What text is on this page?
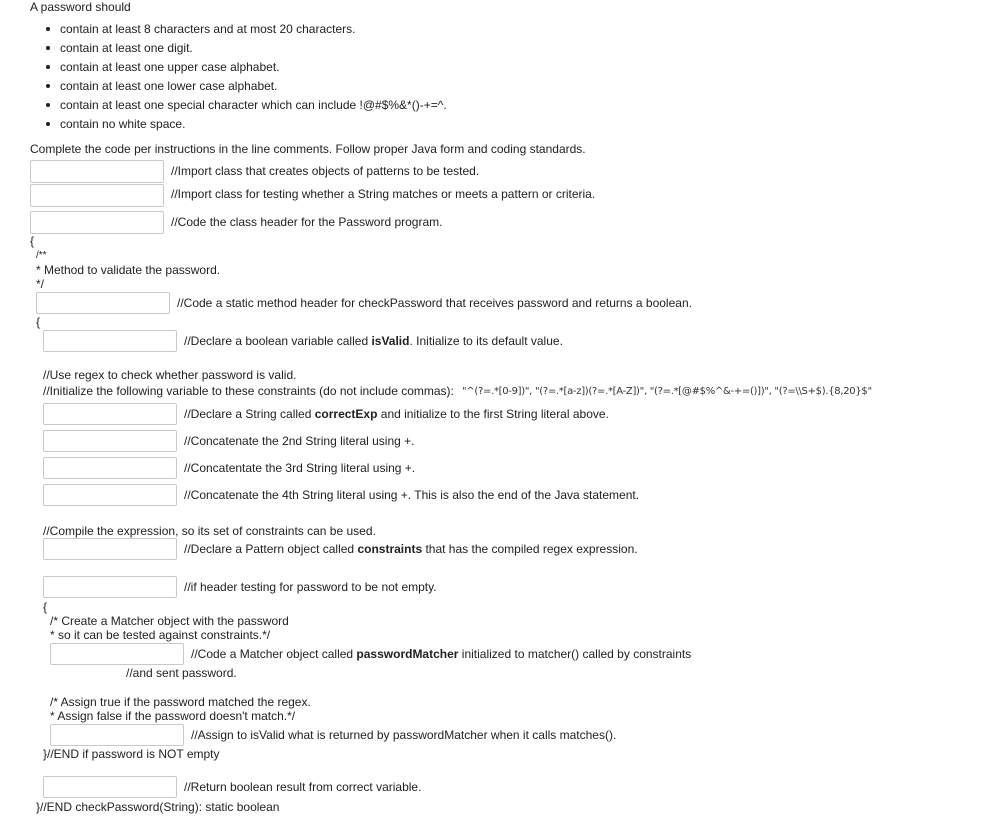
A password should
contain at least 8 characters and at most 20 characters.
contain at least one digit.
contain at least one upper case alphabet.
contain at least one lower case alphabet.
contain at least one special character which can include !@#$%&*()-+=^.
contain no white space.
Complete the code per instructions in the line comments. Follow proper Java form and coding standards.
//Import class that creates objects of patterns to be tested.
//Import class for testing whether a String matches or meets a pattern or criteria.
//Code the class header for the Password program.
{
/**
* Method to validate the password.
*/
//Code a static method header for checkPassword that receives password and returns a boolean.
{
//Declare a boolean variable called isValid. Initialize to its default value.
//Use regex to check whether password is valid.
//Initialize the following variable to these constraints (do not include commas): "^(?=.*[0-9])", "(?=.*[a-z])(?=.*[A-Z])", "(?=.*[@#$%^&-+=()])", "(?=\\S+$).{8,20}$"
//Declare a String called correctExp and initialize to the first String literal above.
//Concatenate the 2nd String literal using +.
//Concatentate the 3rd String literal using +.
//Concatenate the 4th String literal using +. This is also the end of the Java statement.
//Compile the expression, so its set of constraints can be used.
//Declare a Pattern object called constraints that has the compiled regex expression.
//if header testing for password to be not empty.
{
/* Create a Matcher object with the password
* so it can be tested against constraints.*/
//Code a Matcher object called passwordMatcher initialized to matcher() called by constraints
//and sent password.
/* Assign true if the password matched the regex.
* Assign false if the password doesn't match.*/
//Assign to isValid what is returned by passwordMatcher when it calls matches().
}//END if password is NOT empty
//Return boolean result from correct variable.
}//END checkPassword(String): static boolean
